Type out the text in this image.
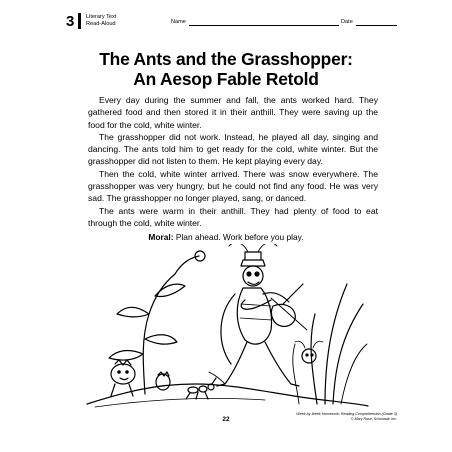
3 Literary Text
Read-Aloud	Name	Date
The Ants and the Grasshopper:
An Aesop Fable Retold

Every day during the summer and fall, the ants worked hard. They gathered food and then stored it in their anthill. They were saving up the food for the cold, white winter.

The grasshopper did not work. Instead, he played all day, singing and dancing. The ants told him to get ready for the cold, white winter. But the grasshopper did not listen to them. He kept playing every day.

Then the cold, white winter arrived. There was snow everywhere. The grasshopper was very hungry, but he could not find any food. He was very sad. The grasshopper no longer played, sang, or danced.

The ants were warm in their anthill. They had plenty of food to eat through the cold, white winter.

Moral: Plan ahead. Work before you play.
22
Week-by-Week Homework: Reading Comprehension (Grade 3)
© Mary Rose, Scholastic Inc.
